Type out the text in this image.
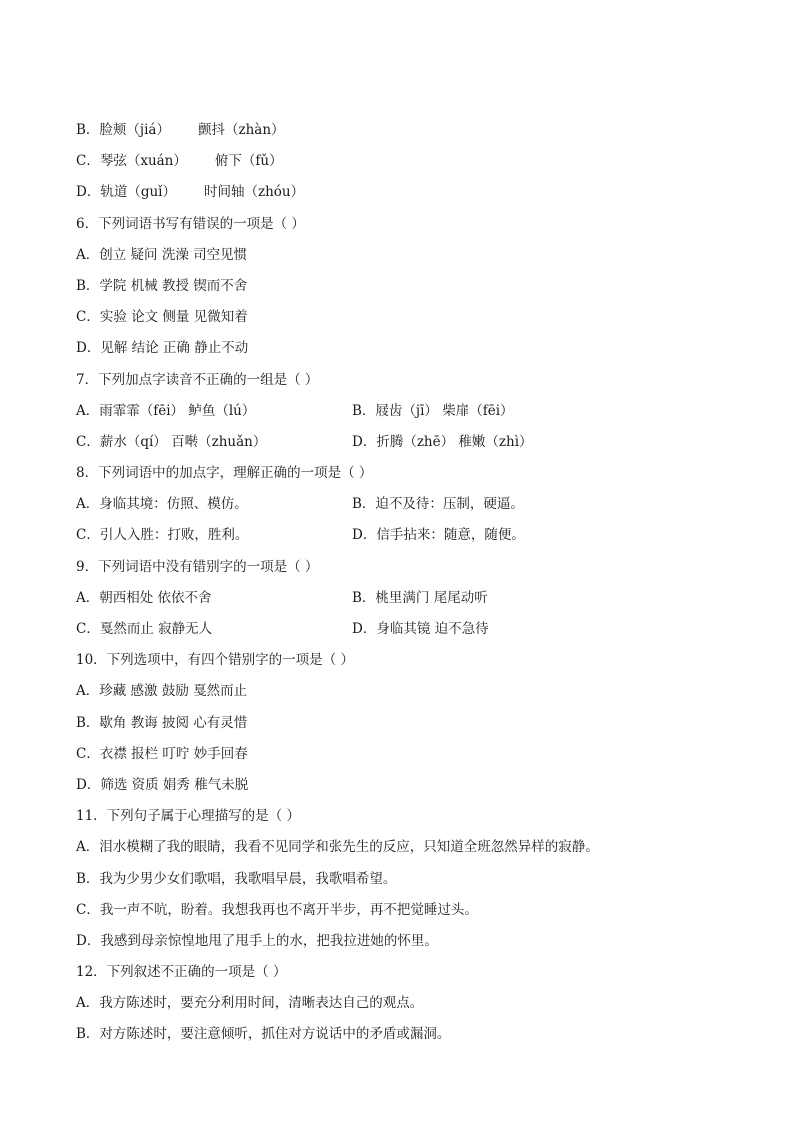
B．脸颊（jiá） 颤抖（zhàn）
C．琴弦（xuán） 俯下（fǔ）
D．轨道（guǐ） 时间轴（zhóu）
6．下列词语书写有错误的一项是（ ）
A．创立 疑问 洗澡 司空见惯
B．学院 机械 教授 锲而不舍
C．实验 论文 侧量 见微知着
D．见解 结论 正确 静止不动
7．下列加点字读音不正确的一组是（ ）
A．雨霏霏（fēi） 鲈鱼（lú）	B．屐齿（jī） 柴扉（fēi）
C．薪水（qí） 百啭（zhuǎn）	D．折腾（zhē） 稚嫩（zhì）
8．下列词语中的加点字，理解正确的一项是（ ）
A．身临其境：仿照、模仿。	B．迫不及待：压制，硬逼。
C．引人入胜：打败，胜利。	D．信手拈来：随意，随便。
9．下列词语中没有错别字的一项是（ ）
A．朝西相处 依依不舍	B．桃里满门 尾尾动听
C．戛然而止 寂静无人	D．身临其镜 迫不急待
10．下列选项中，有四个错别字的一项是（ ）
A．珍藏 感激 鼓励 戛然而止
B．歇角 教诲 披阅 心有灵惜
C．衣襟 报栏 叮咛 妙手回春
D．筛选 资质 娟秀 稚气未脱
11．下列句子属于心理描写的是（ ）
A．泪水模糊了我的眼睛，我看不见同学和张先生的反应，只知道全班忽然异样的寂静。
B．我为少男少女们歌唱，我歌唱早晨，我歌唱希望。
C．我一声不吭，盼着。我想我再也不离开半步，再不把觉睡过头。
D．我感到母亲惊惶地甩了甩手上的水，把我拉进她的怀里。
12．下列叙述不正确的一项是（ ）
A．我方陈述时，要充分利用时间，清晰表达自己的观点。
B．对方陈述时，要注意倾听，抓住对方说话中的矛盾或漏洞。
